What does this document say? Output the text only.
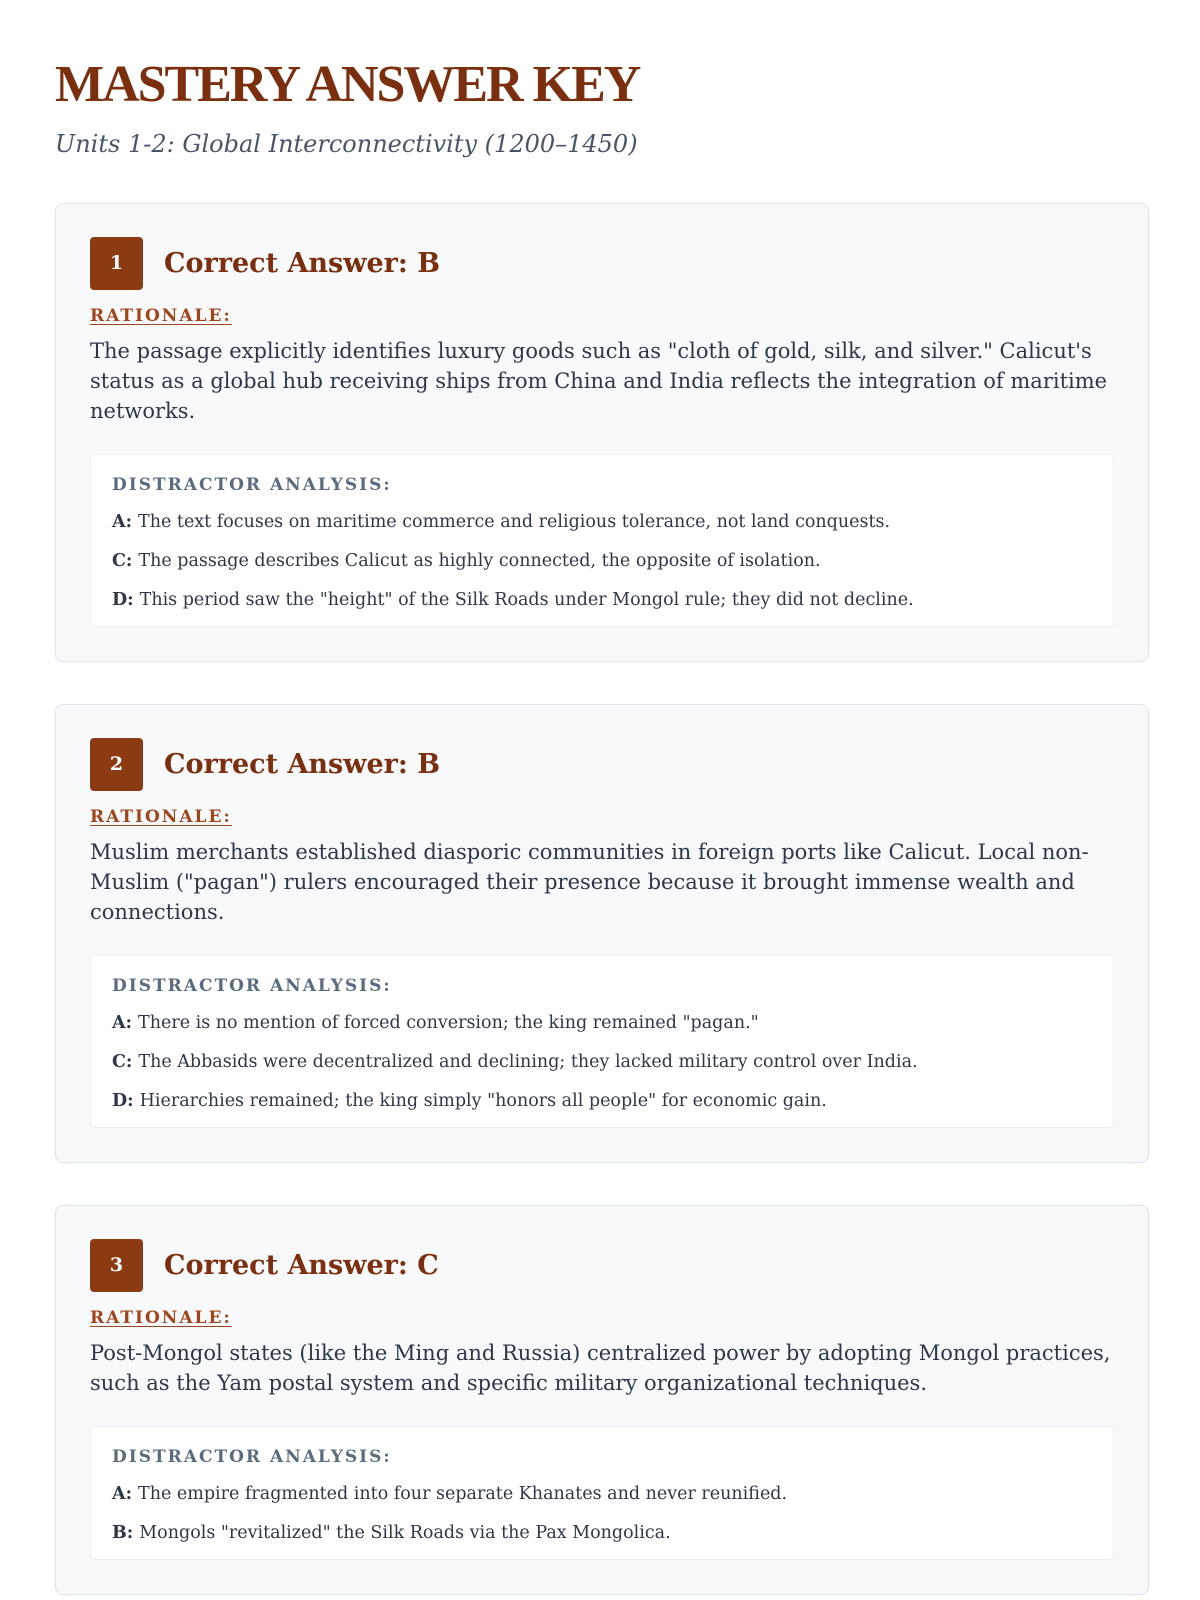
MASTERY ANSWER KEY
Units 1-2: Global Interconnectivity (1200–1450)
1	Correct Answer: B
RATIONALE:
The passage explicitly identifies luxury goods such as "cloth of gold, silk, and silver." Calicut's status as a global hub receiving ships from China and India reflects the integration of maritime networks.
DISTRACTOR ANALYSIS:
A: The text focuses on maritime commerce and religious tolerance, not land conquests.
C: The passage describes Calicut as highly connected, the opposite of isolation.
D: This period saw the "height" of the Silk Roads under Mongol rule; they did not decline.
2	Correct Answer: B
RATIONALE:
Muslim merchants established diasporic communities in foreign ports like Calicut. Local non-Muslim ("pagan") rulers encouraged their presence because it brought immense wealth and connections.
DISTRACTOR ANALYSIS:
A: There is no mention of forced conversion; the king remained "pagan."
C: The Abbasids were decentralized and declining; they lacked military control over India.
D: Hierarchies remained; the king simply "honors all people" for economic gain.
3	Correct Answer: C
RATIONALE:
Post-Mongol states (like the Ming and Russia) centralized power by adopting Mongol practices, such as the Yam postal system and specific military organizational techniques.
DISTRACTOR ANALYSIS:
A: The empire fragmented into four separate Khanates and never reunified.
B: Mongols "revitalized" the Silk Roads via the Pax Mongolica.
